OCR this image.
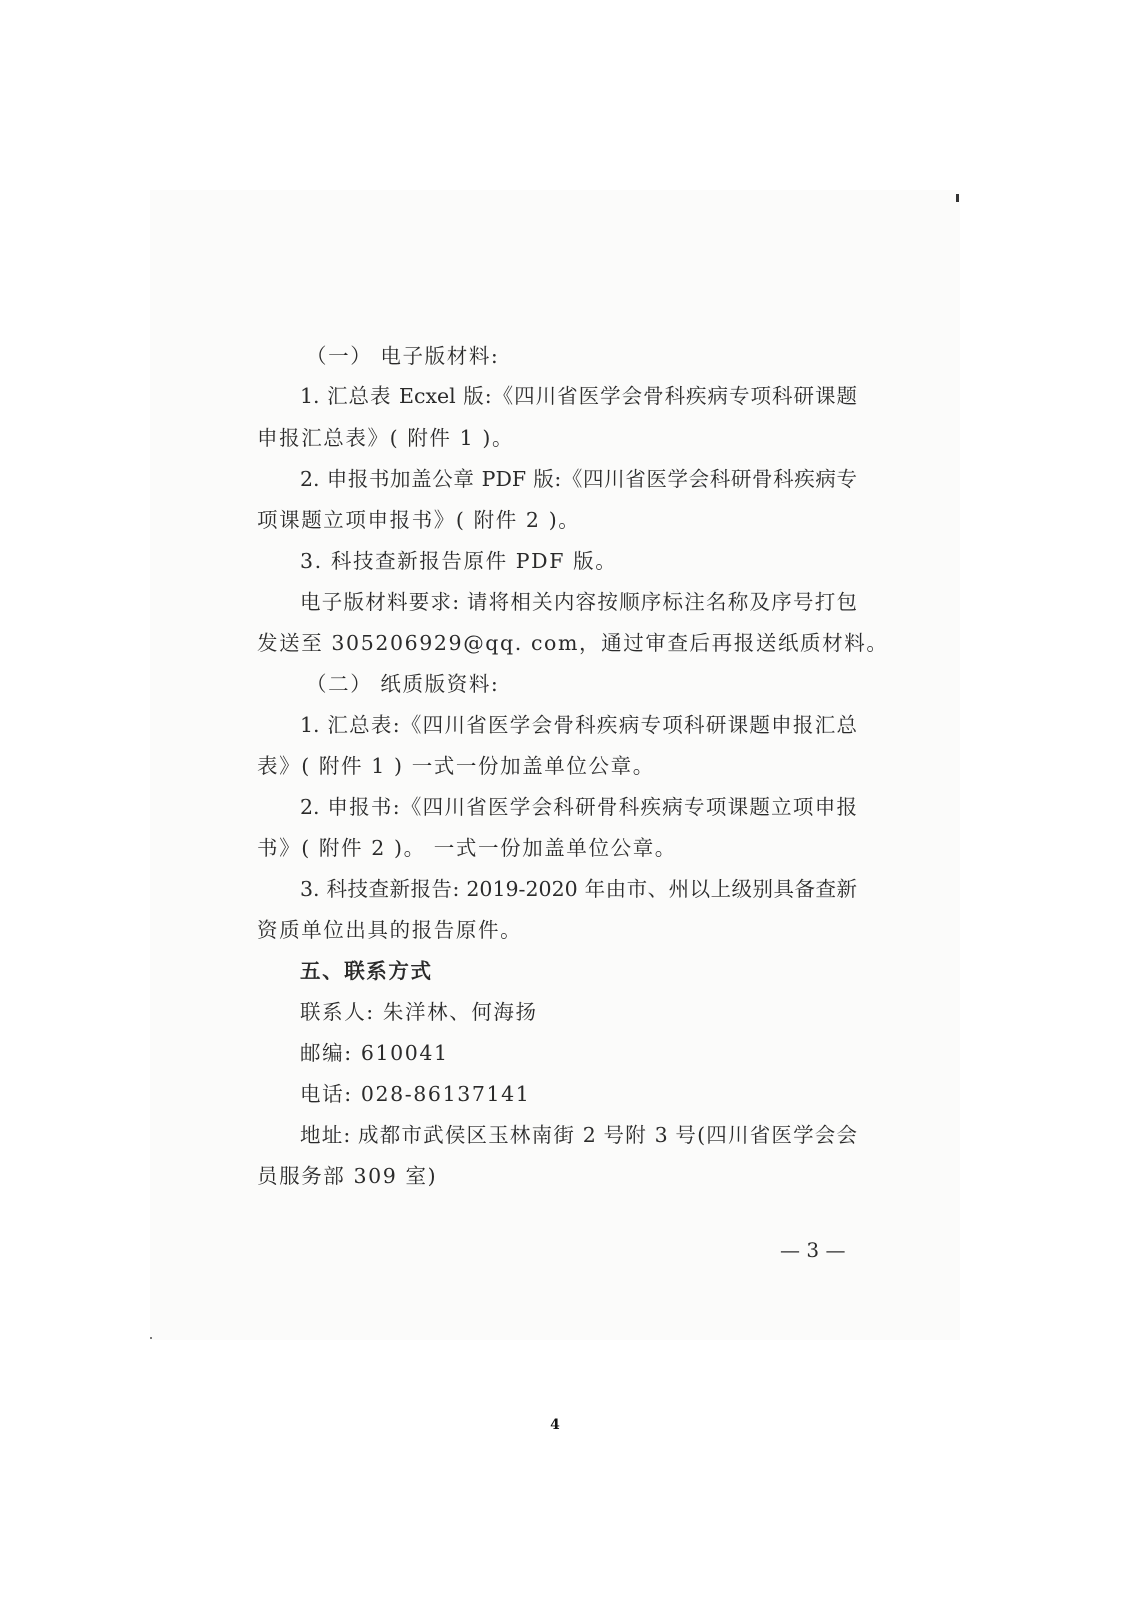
（一） 电子版材料:
1. 汇总表 Ecxel 版:《四川省医学会骨科疾病专项科研课题
申报汇总表》( 附件 1 )。
2. 申报书加盖公章 PDF 版:《四川省医学会科研骨科疾病专
项课题立项申报书》( 附件 2 )。
3. 科技查新报告原件 PDF 版。
电子版材料要求: 请将相关内容按顺序标注名称及序号打包
发送至 305206929@qq. com，通过审查后再报送纸质材料。
（二） 纸质版资料:
1. 汇总表:《四川省医学会骨科疾病专项科研课题申报汇总
表》( 附件 1 ) 一式一份加盖单位公章。
2. 申报书:《四川省医学会科研骨科疾病专项课题立项申报
书》( 附件 2 )。 一式一份加盖单位公章。
3. 科技查新报告: 2019-2020 年由市、州以上级别具备查新
资质单位出具的报告原件。
五、联系方式
联系人: 朱洋林、何海扬
邮编: 610041
电话: 028-86137141
地址: 成都市武侯区玉林南街 2 号附 3 号(四川省医学会会
员服务部 309 室)
— 3 —
4
